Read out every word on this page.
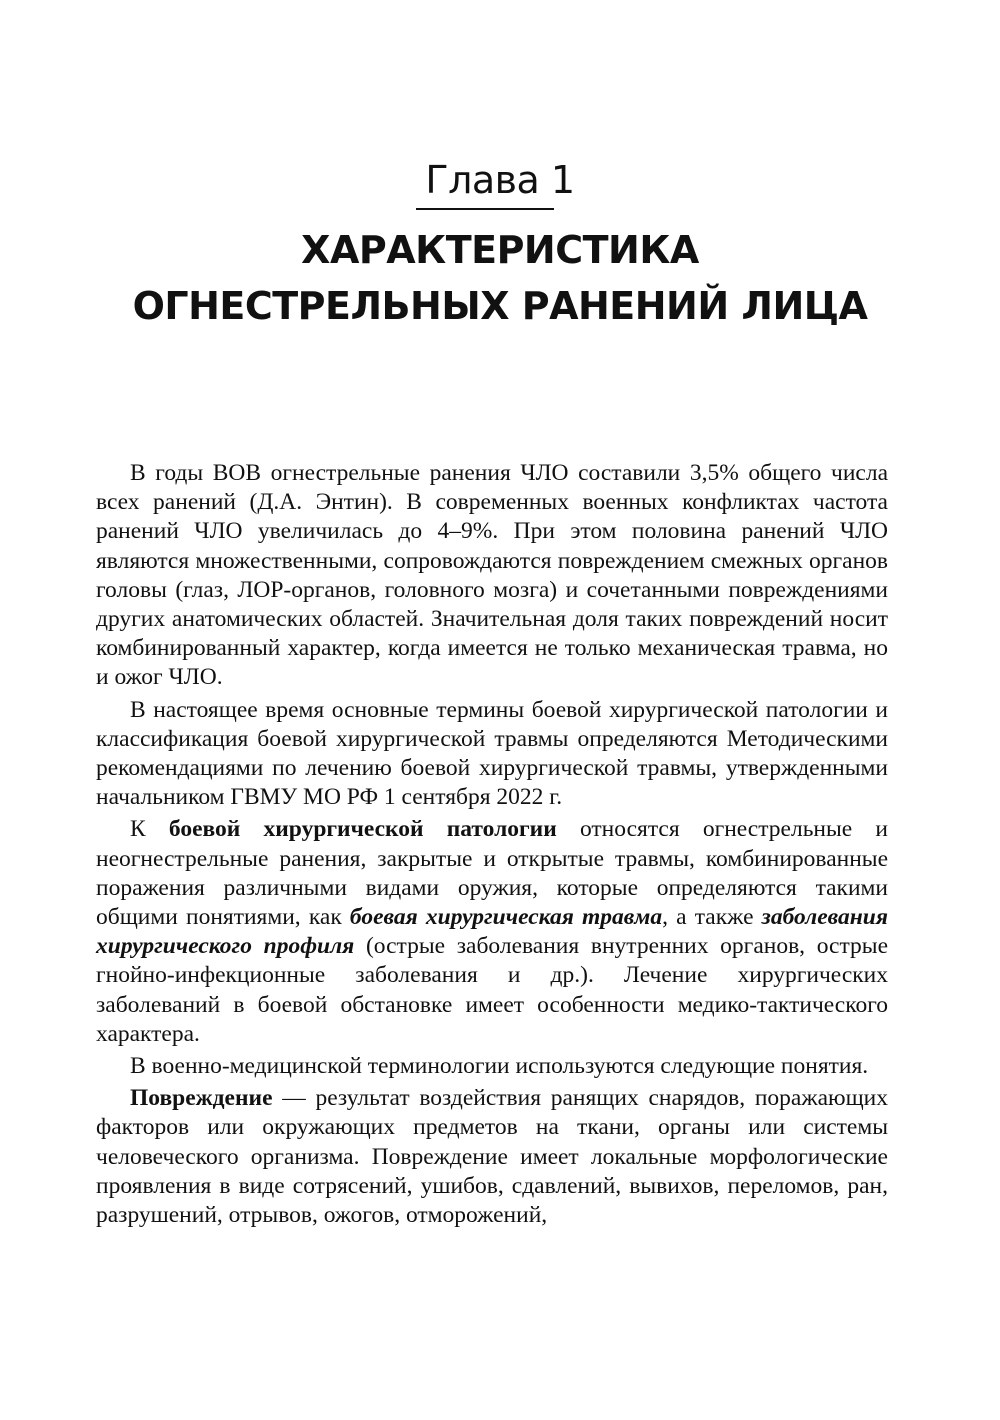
Глава 1
ХАРАКТЕРИСТИКА
ОГНЕСТРЕЛЬНЫХ РАНЕНИЙ ЛИЦА

В годы ВОВ огнестрельные ранения ЧЛО составили 3,5% общего числа всех ранений (Д.А. Энтин). В современных военных конфликтах частота ранений ЧЛО увеличилась до 4–9%. При этом половина ранений ЧЛО являются множественными, сопровождаются повреждением смежных органов головы (глаз, ЛОР-органов, головного мозга) и сочетанными повреждениями других анатомических областей. Значительная доля таких повреждений носит комбинированный характер, когда имеется не только механическая травма, но и ожог ЧЛО.

В настоящее время основные термины боевой хирургической патологии и классификация боевой хирургической травмы определяются Методическими рекомендациями по лечению боевой хирургической травмы, утвержденными начальником ГВМУ МО РФ 1 сентября 2022 г.

К боевой хирургической патологии относятся огнестрельные и неогнестрельные ранения, закрытые и открытые травмы, комбинированные поражения различными видами оружия, которые определяются такими общими понятиями, как боевая хирургическая травма, а также заболевания хирургического профиля (острые заболевания внутренних органов, острые гнойно-инфекционные заболевания и др.). Лечение хирургических заболеваний в боевой обстановке имеет особенности медико-тактического характера.

В военно-медицинской терминологии используются следующие понятия.

Повреждение — результат воздействия ранящих снарядов, поражающих факторов или окружающих предметов на ткани, органы или системы человеческого организма. Повреждение имеет локальные морфологические проявления в виде сотрясений, ушибов, сдавлений, вывихов, переломов, ран, разрушений, отрывов, ожогов, отморожений,
